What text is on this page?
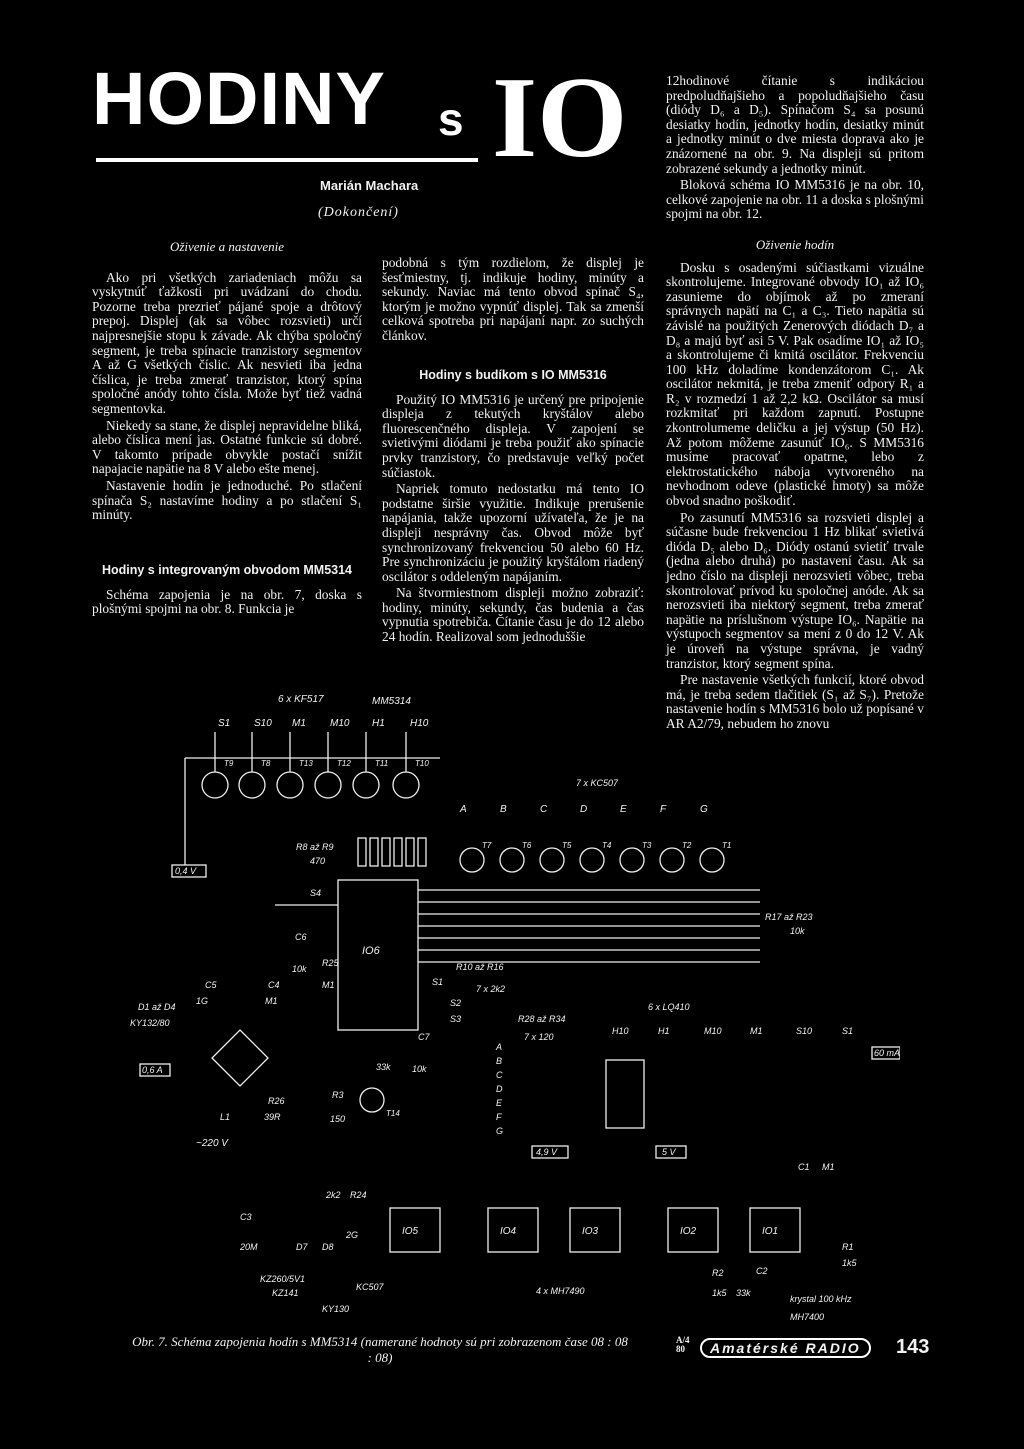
HODINY s IO
Marián Machara
(Dokončení)
Oživenie a nastavenie

Ako pri všetkých zariadeniach môžu sa vyskytnúť ťažkosti pri uvádzaní do chodu. Pozorne treba prezrieť pájané spoje a drôtový prepoj. Displej (ak sa vôbec rozsvieti) určí najpresnejšie stopu k závade. Ak chýba spoločný segment, je treba spínacie tranzistory segmentov A až G všetkých číslic. Ak nesvieti iba jedna číslica, je treba zmerať tranzistor, ktorý spína spoločné anódy tohto čísla. Može byť tiež vadná segmentovka.

Niekedy sa stane, že displej nepravidelne bliká, alebo číslica mení jas. Ostatné funkcie sú dobré. V takomto prípade obvykle postačí snížit napajacie napätie na 8 V alebo ešte menej.

Nastavenie hodín je jednoduché. Po stlačení spínača S₂ nastavíme hodiny a po stlačení S₁ minúty.

Hodiny s integrovaným obvodom MM5314

Schéma zapojenia je na obr. 7, doska s plošnými spojmi na obr. 8. Funkcia je

podobná s tým rozdielom, že displej je šesťmiestny, tj. indikuje hodiny, minúty a sekundy. Naviac má tento obvod spínač S₄, ktorým je možno vypnúť displej. Tak sa zmenší celková spotreba pri napájaní napr. zo suchých článkov.

Hodiny s budíkom s IO MM5316

Použitý IO MM5316 je určený pre pripojenie displeja z tekutých kryštálov alebo fluorescenčného displeja. V zapojení se svietivými diódami je treba použiť ako spínacie prvky tranzistory, čo predstavuje veľký počet súčiastok.

Napriek tomuto nedostatku má tento IO podstatne širšie využitie. Indikuje prerušenie napájania, takže upozorní užívateľa, že je na displeji nesprávny čas. Obvod môže byť synchronizovaný frekvenciou 50 alebo 60 Hz. Pre synchronizáciu je použitý kryštálom riadený oscilátor s oddeleným napájaním.

Na štvormiestnom displeji možno zobraziť: hodiny, minúty, sekundy, čas budenia a čas vypnutia spotrebiča. Čítanie času je do 12 alebo 24 hodín. Realizoval som jednoduššie

12hodinové čítanie s indikáciou predpoludňajšieho a popoludňajšieho času (diódy D₆ a D₅). Spínačom S₄ sa posunú desiatky hodín, jednotky hodín, desiatky minút a jednotky minút o dve miesta doprava ako je znázornené na obr. 9. Na displeji sú pritom zobrazené sekundy a jednotky minút.

Bloková schéma IO MM5316 je na obr. 10, celkové zapojenie na obr. 11 a doska s plošnými spojmi na obr. 12.

Oživenie hodín

Dosku s osadenými súčiastkami vizuálne skontrolujeme. Integrované obvody IO₁ až IO₆ zasunieme do objímok až po zmeraní správnych napätí na C₁ a C₃. Tieto napätia sú závislé na použitých Zenerových diódach D₇ a D₈ a majú byť asi 5 V. Pak osadíme IO₁ až IO₅ a skontrolujeme či kmitá oscilátor. Frekvenciu 100 kHz doladíme kondenzátorom C₁. Ak oscilátor nekmitá, je treba zmeniť odpory R₁ a R₂ v rozmedzí 1 až 2,2 kΩ. Oscilátor sa musí rozkmitať pri každom zapnutí. Postupne zkontrolumeme deličku a jej výstup (50 Hz). Až potom môžeme zasunúť IO₆. S MM5316 musíme pracovať opatrne, lebo z elektrostatického náboja vytvoreného na nevhodnom odeve (plastické hmoty) sa môže obvod snadno poškodiť.

Po zasunutí MM5316 sa rozsvieti displej a súčasne bude frekvenciou 1 Hz blikať svietivá dióda D₅ alebo D₆. Diódy ostanú svietiť trvale (jedna alebo druhá) po nastavení času. Ak sa jedno číslo na displeji nerozsvieti vôbec, treba skontrolovať prívod ku spoločnej anóde. Ak sa nerozsvieti iba niektorý segment, treba zmerať napätie na príslušnom výstupe IO₆. Napätie na výstupoch segmentov sa mení z 0 do 12 V. Ak je úroveň na výstupe správna, je vadný tranzistor, ktorý segment spína.

Pre nastavenie všetkých funkcií, ktoré obvod má, je treba sedem tlačitiek (S₁ až S₇). Pretože nastavenie hodín s MM5316 bolo už popísané v AR A2/79, nebudem ho znovu

6 x KF517	MM5314
S1 S10 M1 M10 H1	H10
T9	T8	T13	T12	T11	T10
0,4 V
R8 až R9
470
IO6
S4
C6
10k
R25
M1
R17 až R23
10k
7 x KC507
A	B	C	D	E	F	G
T7	T6	T5	T4	T3	T2	T1
R10 až R16
7 x 2k2
S1
S2
S3	R28 až R34
7 x 120
A
B
C
D
E
F
G
6 x LQ410
H10	H1	M10	M1	S10	S1
60 mA
D1 až D4
KY132/80
0,6 A
C5
1G
C4
M1
L1
~220 V
R26
39R
R3
150
C7
33k 10k
T14
4,9 V	5 V
C1 M1
R24
2k2
C3
20M	D7 D8
2G	IO5	IO4	IO3	IO2	IO1
R1
1k5
R2
1k5 33k
C2
krystal 100 kHz
KZ260/5V1
KZ141
KC507
KY130
4 x MH7490
MH7400
Obr. 7. Schéma zapojenia hodín s MM5314 (namerané hodnoty sú pri zobrazenom čase 08 : 08 : 08)
A/4
80	Amatérské RADIO	143
